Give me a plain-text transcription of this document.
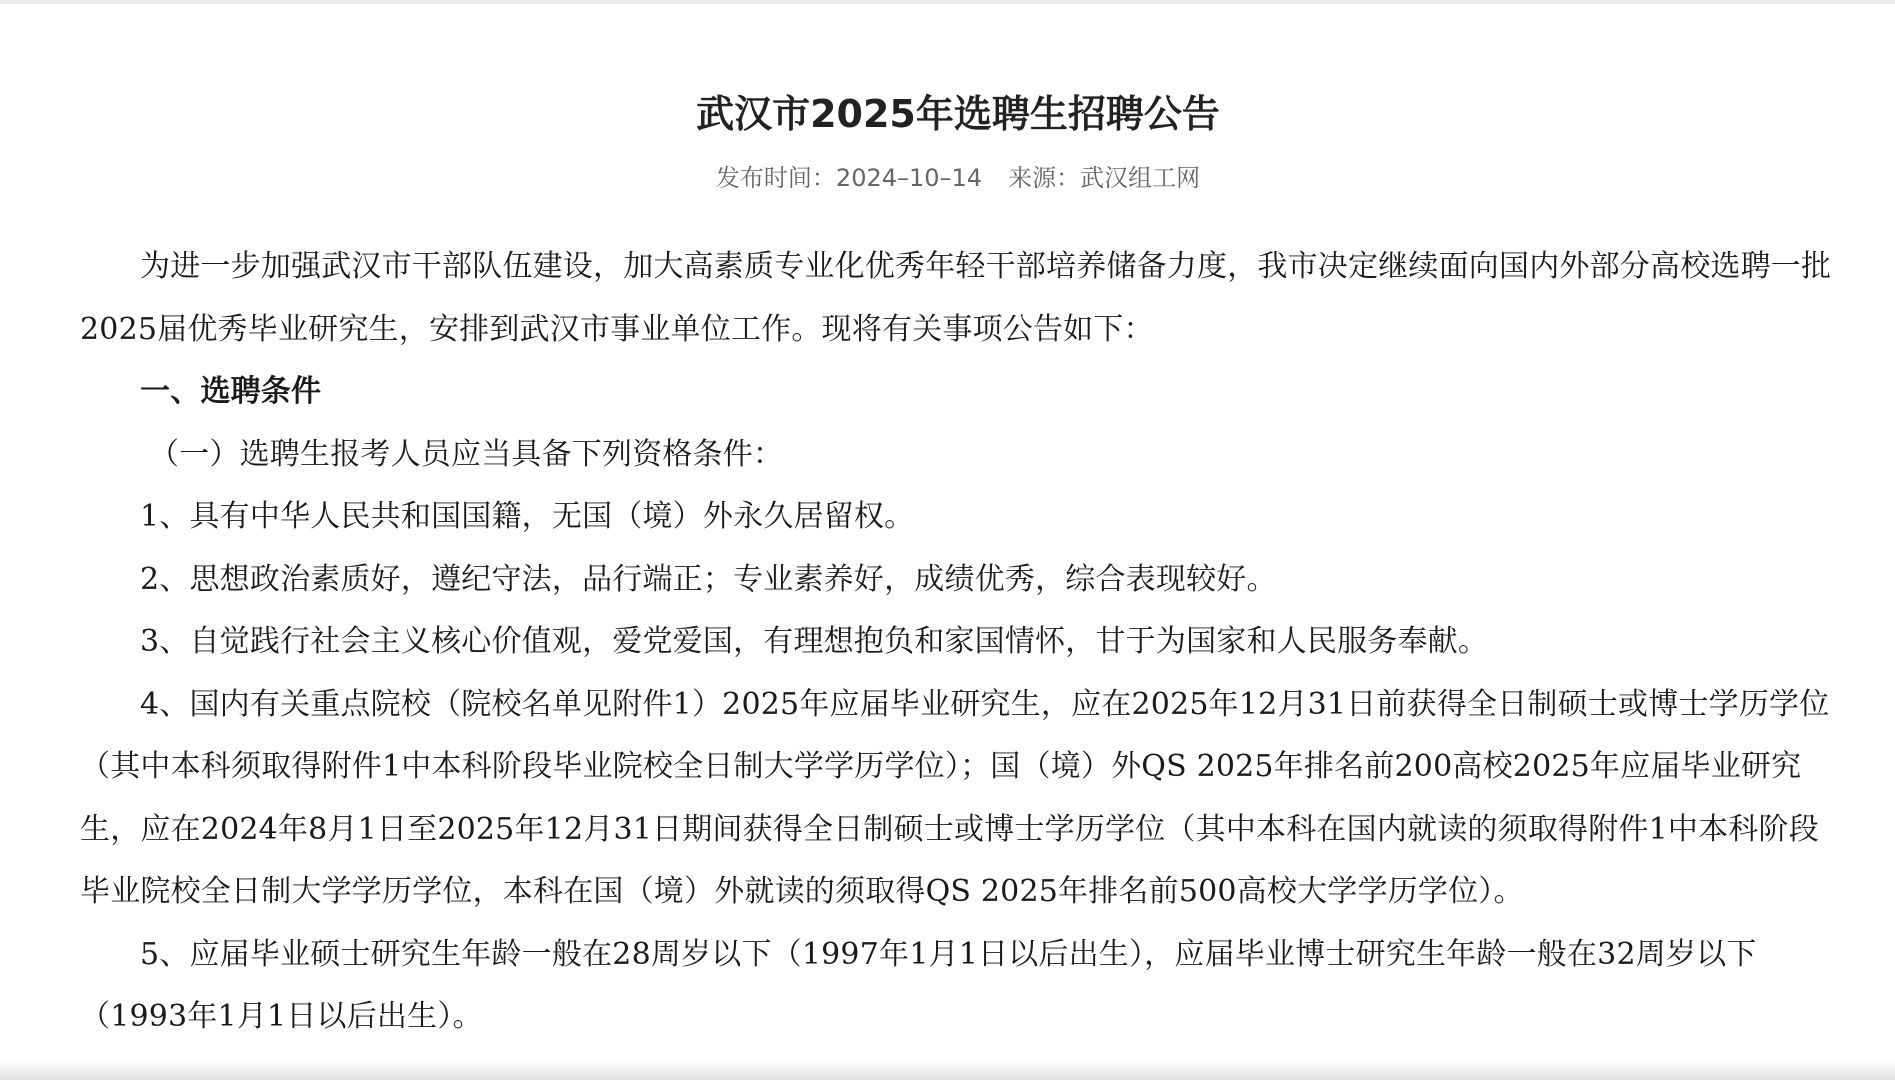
武汉市2025年选聘生招聘公告
发布时间：2024–10–14 来源：武汉组工网

为进一步加强武汉市干部队伍建设，加大高素质专业化优秀年轻干部培养储备力度，我市决定继续面向国内外部分高校选聘一批2025届优秀毕业研究生，安排到武汉市事业单位工作。现将有关事项公告如下：

一、选聘条件

（一）选聘生报考人员应当具备下列资格条件：

1、具有中华人民共和国国籍，无国（境）外永久居留权。

2、思想政治素质好，遵纪守法，品行端正；专业素养好，成绩优秀，综合表现较好。

3、自觉践行社会主义核心价值观，爱党爱国，有理想抱负和家国情怀，甘于为国家和人民服务奉献。

4、国内有关重点院校（院校名单见附件1）2025年应届毕业研究生，应在2025年12月31日前获得全日制硕士或博士学历学位（其中本科须取得附件1中本科阶段毕业院校全日制大学学历学位）；国（境）外QS 2025年排名前200高校2025年应届毕业研究生，应在2024年8月1日至2025年12月31日期间获得全日制硕士或博士学历学位（其中本科在国内就读的须取得附件1中本科阶段毕业院校全日制大学学历学位，本科在国（境）外就读的须取得QS 2025年排名前500高校大学学历学位）。

5、应届毕业硕士研究生年龄一般在28周岁以下（1997年1月1日以后出生），应届毕业博士研究生年龄一般在32周岁以下（1993年1月1日以后出生）。
